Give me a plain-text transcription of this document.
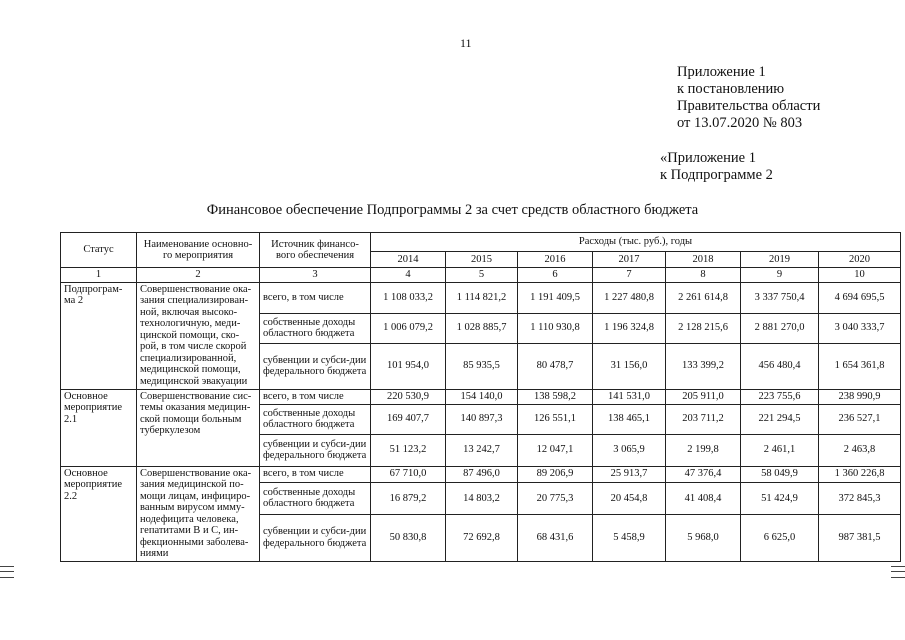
11
Приложение 1
к постановлению
Правительства области
от 13.07.2020 № 803
«Приложение 1
к Подпрограмме 2
Финансовое обеспечение Подпрограммы 2 за счет средств областного бюджета
Статус	Наименование основно-го мероприятия	Источник финансо-вого обеспечения	Расходы (тыс. руб.), годы						
			2014	2015	2016	2017	2018	2019	2020
1	2	3	4	5	6	7	8	9	10
Подпрограм-ма 2	Совершенствование ока-зания специализирован-ной, включая высоко-технологичную, меди-цинской помощи, ско-рой, в том числе скорой специализированной, медицинской помощи, медицинской эвакуации	всего, в том числе	1 108 033,2	1 114 821,2	1 191 409,5	1 227 480,8	2 261 614,8	3 337 750,4	4 694 695,5
		собственные доходы областного бюджета	1 006 079,2	1 028 885,7	1 110 930,8	1 196 324,8	2 128 215,6	2 881 270,0	3 040 333,7
		субвенции и субси-дии федерального бюджета	101 954,0	85 935,5	80 478,7	31 156,0	133 399,2	456 480,4	1 654 361,8
Основное мероприятие 2.1	Совершенствование сис-темы оказания медицин-ской помощи больным туберкулезом	всего, в том числе	220 530,9	154 140,0	138 598,2	141 531,0	205 911,0	223 755,6	238 990,9
		собственные доходы областного бюджета	169 407,7	140 897,3	126 551,1	138 465,1	203 711,2	221 294,5	236 527,1
		субвенции и субси-дии федерального бюджета	51 123,2	13 242,7	12 047,1	3 065,9	2 199,8	2 461,1	2 463,8
Основное мероприятие 2.2	Совершенствование ока-зания медицинской по-мощи лицам, инфициро-ванным вирусом имму-нодефицита человека, гепатитами В и С, ин-фекционными заболева-ниями	всего, в том числе	67 710,0	87 496,0	89 206,9	25 913,7	47 376,4	58 049,9	1 360 226,8
		собственные доходы областного бюджета	16 879,2	14 803,2	20 775,3	20 454,8	41 408,4	51 424,9	372 845,3
		субвенции и субси-дии федерального бюджета	50 830,8	72 692,8	68 431,6	5 458,9	5 968,0	6 625,0	987 381,5
